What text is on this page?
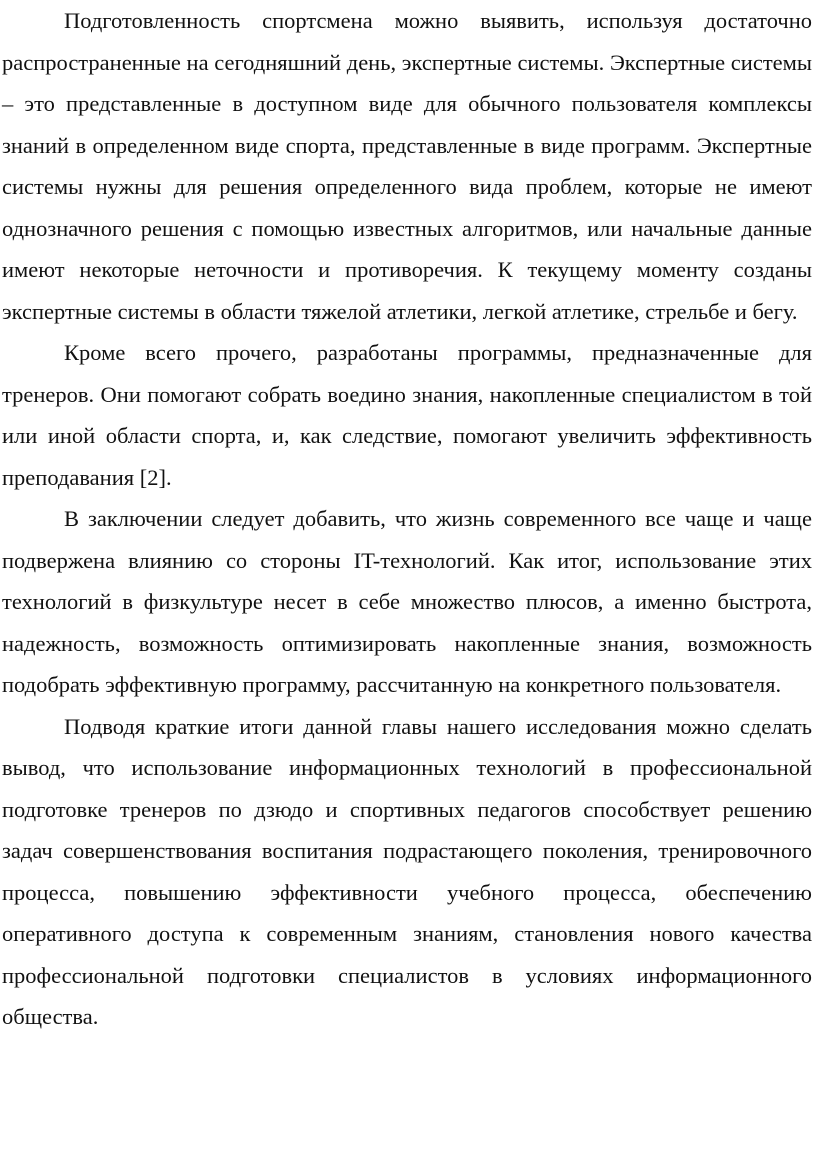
Подготовленность спортсмена можно выявить, используя достаточно распространенные на сегодняшний день, экспертные системы. Экспертные системы – это представленные в доступном виде для обычного пользователя комплексы знаний в определенном виде спорта, представленные в виде программ. Экспертные системы нужны для решения определенного вида проблем, которые не имеют однозначного решения с помощью известных алгоритмов, или начальные данные имеют некоторые неточности и противоречия. К текущему моменту созданы экспертные системы в области тяжелой атлетики, легкой атлетике, стрельбе и бегу.

Кроме всего прочего, разработаны программы, предназначенные для тренеров. Они помогают собрать воедино знания, накопленные специалистом в той или иной области спорта, и, как следствие, помогают увеличить эффективность преподавания [2].

В заключении следует добавить, что жизнь современного все чаще и чаще подвержена влиянию со стороны IT-технологий. Как итог, использование этих технологий в физкультуре несет в себе множество плюсов, а именно быстрота, надежность, возможность оптимизировать накопленные знания, возможность подобрать эффективную программу, рассчитанную на конкретного пользователя.

Подводя краткие итоги данной главы нашего исследования можно сделать вывод, что использование информационных технологий в профессиональной подготовке тренеров по дзюдо и спортивных педагогов способствует решению задач совершенствования воспитания подрастающего поколения, тренировочного процесса, повышению эффективности учебного процесса, обеспечению оперативного доступа к современным знаниям, становления нового качества профессиональной подготовки специалистов в условиях информационного общества.
